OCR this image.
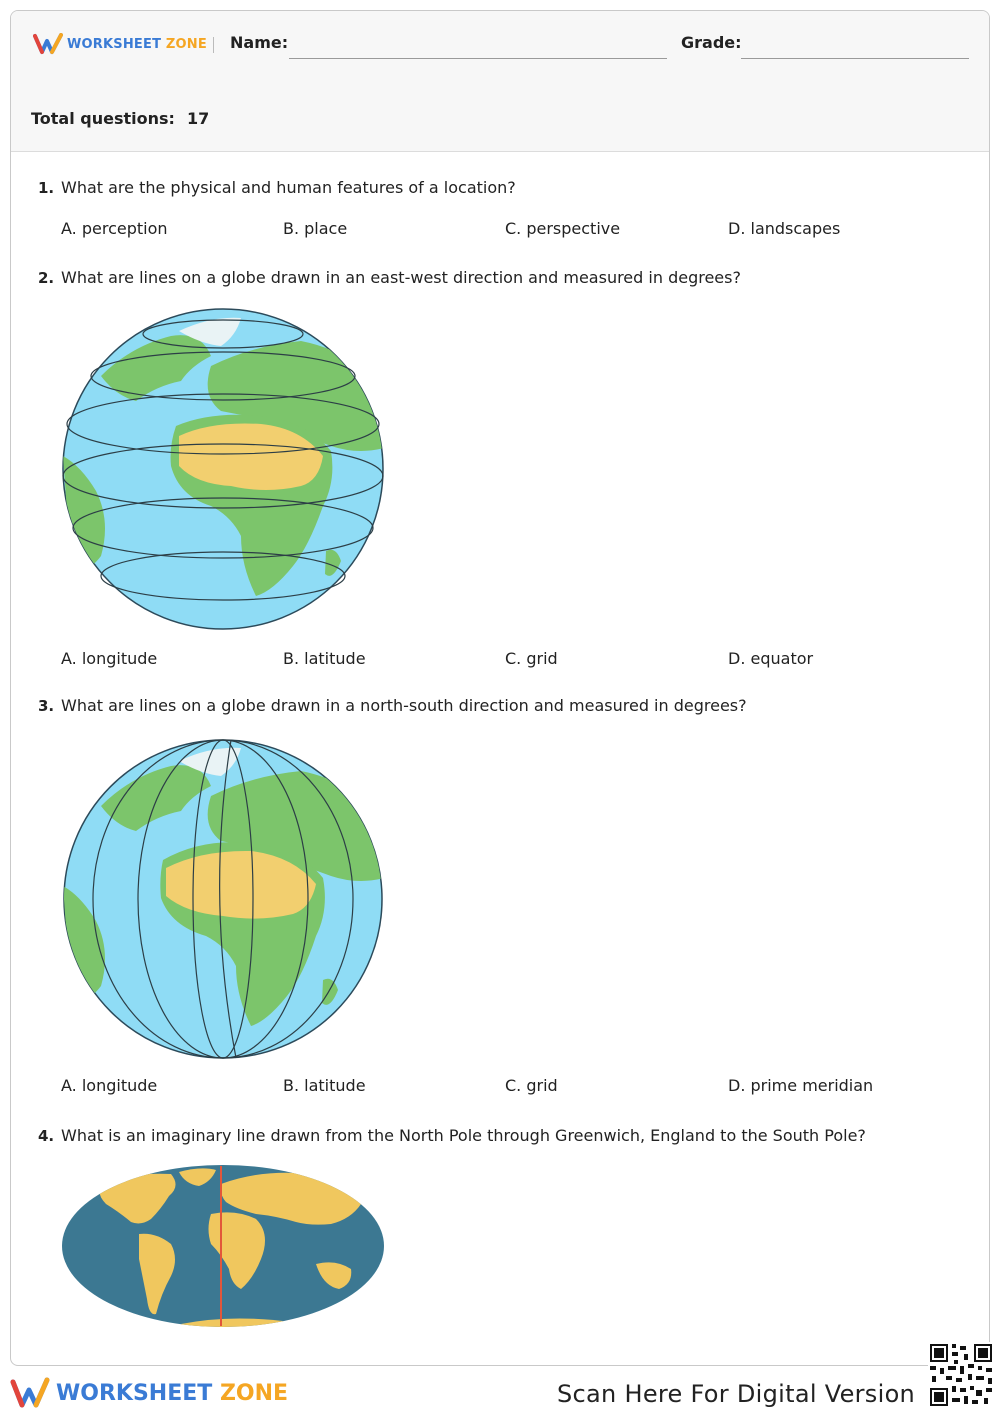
WORKSHEET ZONE Name:	Grade:
Total questions: 17
1. What are the physical and human features of a location?
A. perception	B. place	C. perspective	D. landscapes
2. What are lines on a globe drawn in an east-west direction and measured in degrees?
A. longitude	B. latitude	C. grid	D. equator
3. What are lines on a globe drawn in a north-south direction and measured in degrees?
A. longitude	B. latitude	C. grid	D. prime meridian
4. What is an imaginary line drawn from the North Pole through Greenwich, England to the South Pole?
WORKSHEET ZONE	Scan Here For Digital Version
